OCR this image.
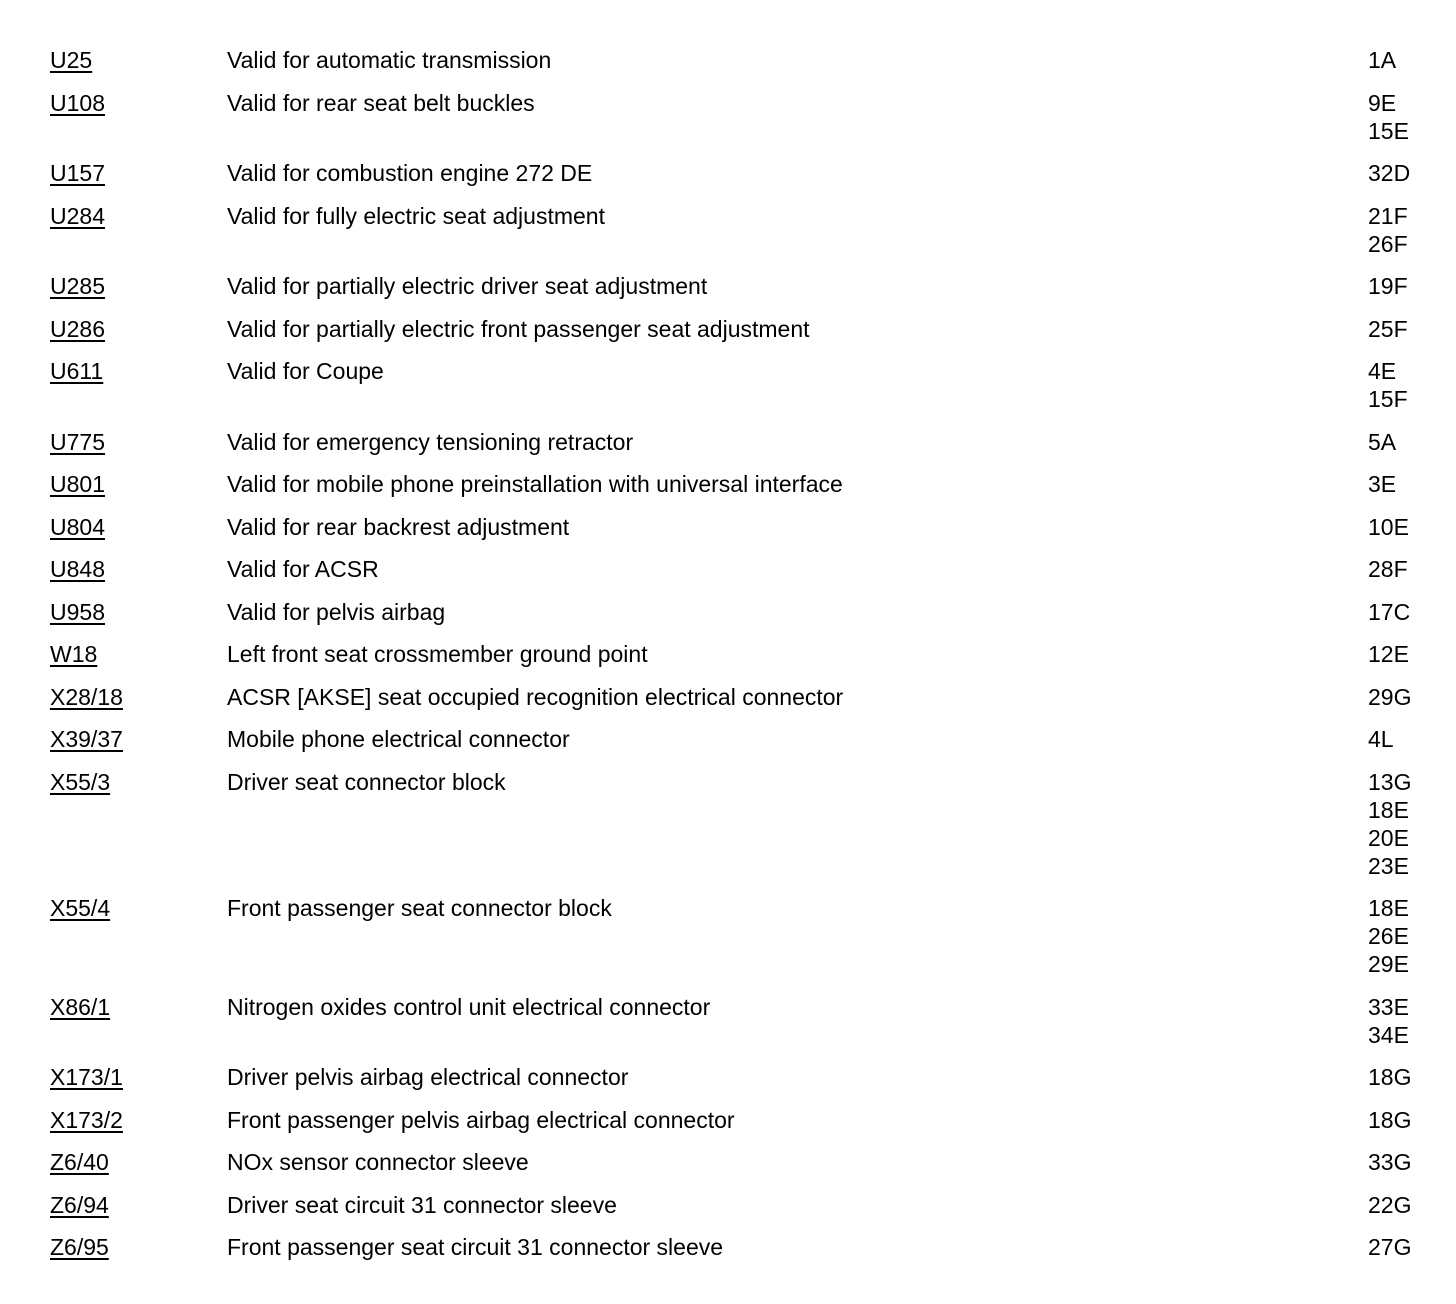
U25	Valid for automatic transmission	1A
U108	Valid for rear seat belt buckles	9E
15E
U157	Valid for combustion engine 272 DE	32D
U284	Valid for fully electric seat adjustment	21F
26F
U285	Valid for partially electric driver seat adjustment	19F
U286	Valid for partially electric front passenger seat adjustment	25F
U611	Valid for Coupe	4E
15F
U775	Valid for emergency tensioning retractor	5A
U801	Valid for mobile phone preinstallation with universal interface	3E
U804	Valid for rear backrest adjustment	10E
U848	Valid for ACSR	28F
U958	Valid for pelvis airbag	17C
W18	Left front seat crossmember ground point	12E
X28/18	ACSR [AKSE] seat occupied recognition electrical connector	29G
X39/37	Mobile phone electrical connector	4L
X55/3	Driver seat connector block	13G
18E
20E
23E
X55/4	Front passenger seat connector block	18E
26E
29E
X86/1	Nitrogen oxides control unit electrical connector	33E
34E
X173/1	Driver pelvis airbag electrical connector	18G
X173/2	Front passenger pelvis airbag electrical connector	18G
Z6/40	NOx sensor connector sleeve	33G
Z6/94	Driver seat circuit 31 connector sleeve	22G
Z6/95	Front passenger seat circuit 31 connector sleeve	27G
